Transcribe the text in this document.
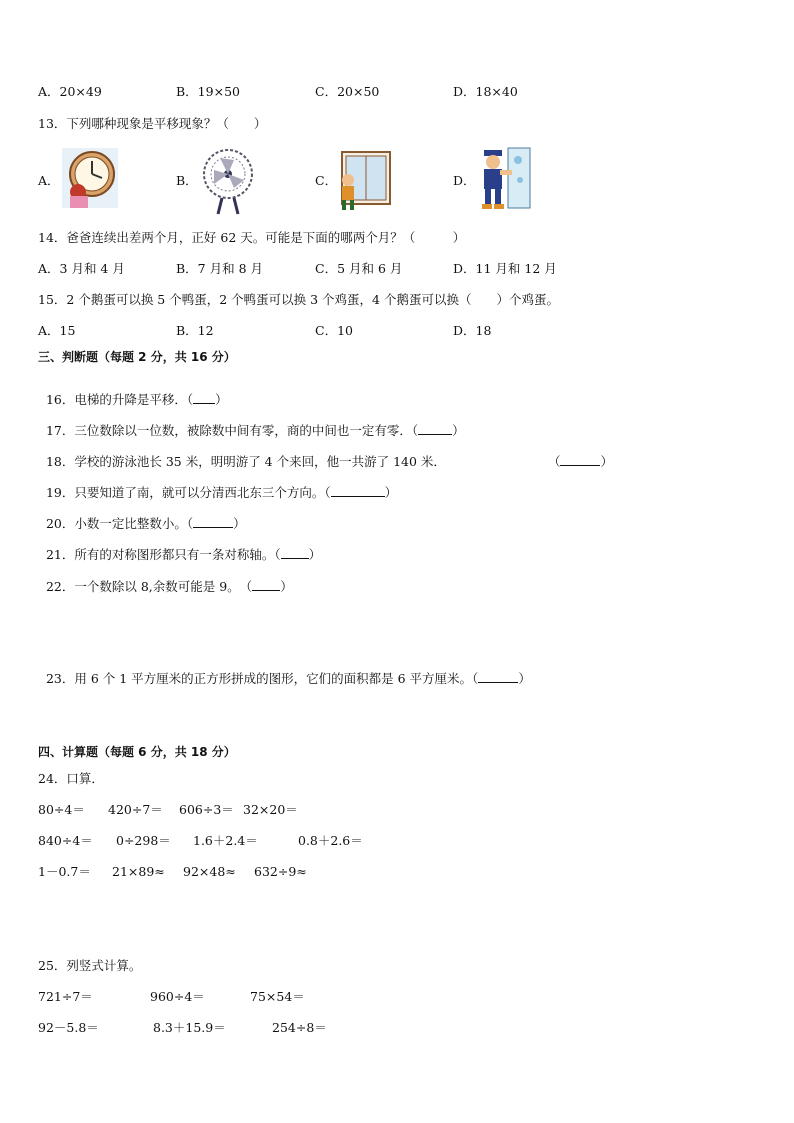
A．20×49	B．19×50	C．20×50	D．18×40
13．下列哪种现象是平移现象？（　　）
A．	B．	C．	D．
14．爸爸连续出差两个月，正好 62 天。可能是下面的哪两个月？（　　　）
A．3 月和 4 月	B．7 月和 8 月	C．5 月和 6 月	D．11 月和 12 月
15．2 个鹅蛋可以换 5 个鸭蛋，2 个鸭蛋可以换 3 个鸡蛋，4 个鹅蛋可以换（　　）个鸡蛋。
A．15	B．12	C．10	D．18
三、判断题（每题 2 分，共 16 分）

16．电梯的升降是平移．（ ）

17．三位数除以一位数，被除数中间有零，商的中间也一定有零．（	）

18．学校的游泳池长 35 米，明明游了 4 个来回，他一共游了 140 米．	（	）

19．只要知道了南，就可以分清西北东三个方向。（	）

20．小数一定比整数小。（	）

21．所有的对称图形都只有一条对称轴。（ ）

22．一个数除以 8,余数可能是 9。　（ ）

23．用 6 个 1 平方厘米的正方形拼成的图形，它们的面积都是 6 平方厘米。（	）

四、计算题（每题 6 分，共 18 分）
24．口算．
80÷4＝ 420÷7＝ 606÷3＝ 32×20＝
840÷4＝ 0÷298＝ 1.6＋2.4＝	0.8＋2.6＝
1－0.7＝ 21×89≈ 92×48≈ 632÷9≈
25．列竖式计算。
721÷7＝	960÷4＝	75×54＝
92－5.8＝	8.3＋15.9＝	254÷8＝
